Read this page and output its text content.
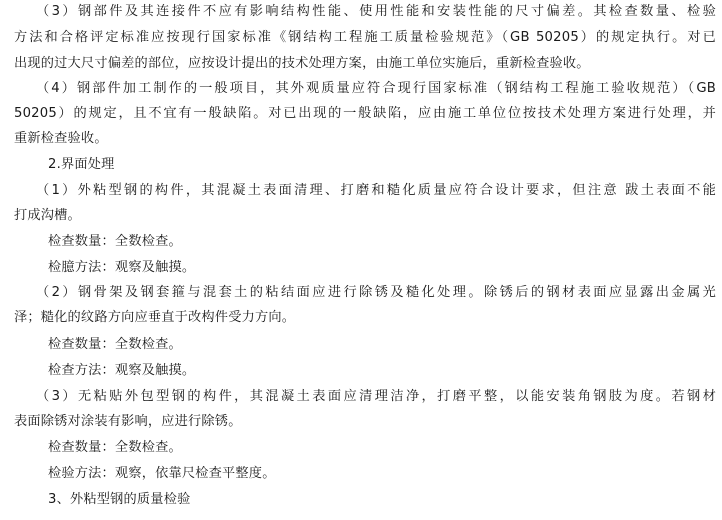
（3）钢部件及其连接件不应有影响结构性能、使用性能和安装性能的尺寸偏差。其检查数量、检验
方法和合格评定标准应按现行国家标准《钢结构工程施工质量检验规范》（GB 50205）的规定执行。对已
出现的过大尺寸偏差的部位，应按设计提出的技术处理方案，由施工单位实施后，重新检查验收。
（4）钢部件加工制作的一般项目，其外观质量应符合现行国家标准（钢结构工程施工验收规范）（GB
50205）的规定，且不宜有一般缺陷。对已出现的一般缺陷，应由施工单位位按技术处理方案进行处理，并
重新检查验收。
2.界面处理
（1）外粘型钢的构件，其混凝土表面清理、打磨和糙化质量应符合设计要求，但注意 跋土表面不能
打成沟槽。
检查数量：全数检查。
检臆方法：观察及触摸。
（2）钢骨架及钢套箍与混套土的粘结面应进行除锈及糙化处理。除锈后的钢材表面应显露出金属光
泽；糙化的纹路方向应垂直于改构件受力方向。
检查数量：全数检查。
检查方法：观察及触摸。
（3）无粘贴外包型钢的构件，其混凝土表面应清理洁净，打磨平整，以能安装角钢肢为度。若钢材
表面除锈对涂装有影响，应进行除锈。
检查数量：全数检查。
检验方法：观察，依靠尺检查平整度。
3、外粘型钢的质量检验
